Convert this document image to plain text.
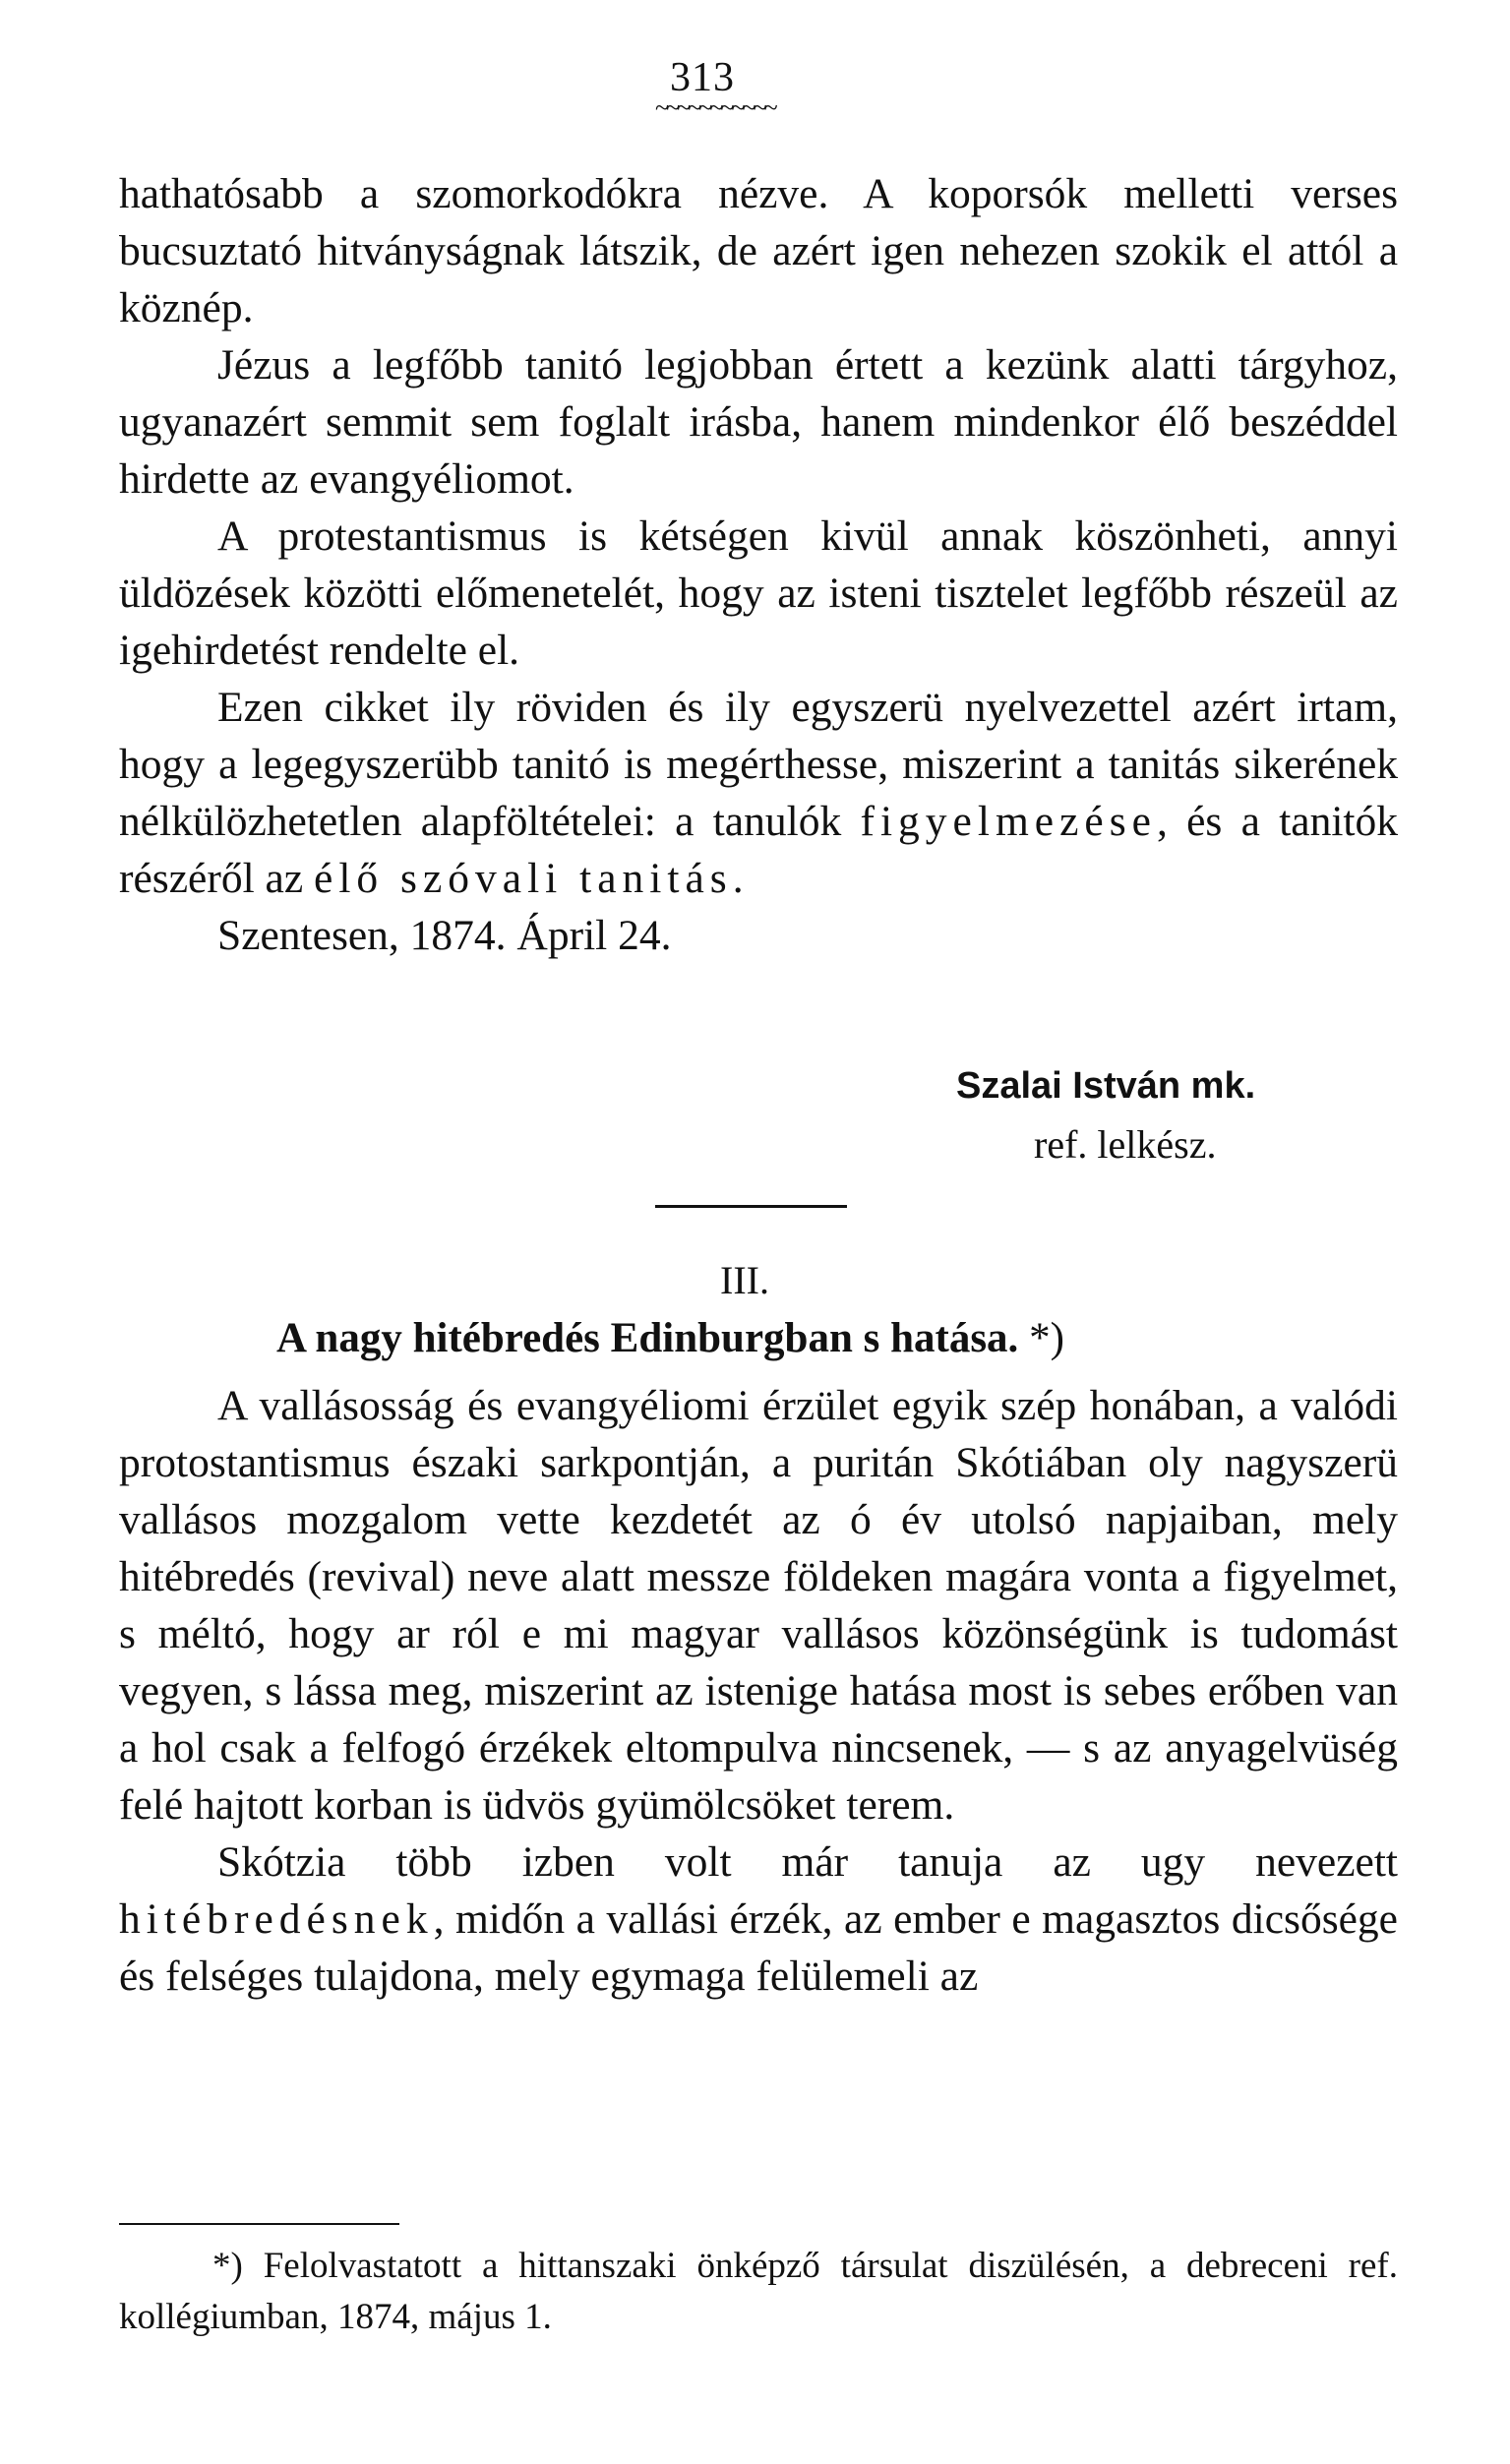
313
~~~~~~~~~~~

hathatósabb a szomorkodókra nézve. A koporsók melletti verses bucsuztató hitványságnak látszik, de azért igen nehezen szokik el attól a köznép.

Jézus a legfőbb tanitó legjobban értett a kezünk alatti tárgyhoz, ugyanazért semmit sem foglalt irásba, hanem mindenkor élő beszéddel hirdette az evangyéliomot.

A protestantismus is kétségen kivül annak köszönheti, annyi üldözések közötti előmenetelét, hogy az isteni tisztelet legfőbb részeül az igehirdetést rendelte el.

Ezen cikket ily röviden és ily egyszerü nyelvezettel azért irtam, hogy a legegyszerübb tanitó is megérthesse, miszerint a tanitás sikerének nélkülözhetetlen alapföltételei: a tanulók figyelmezése, és a tanitók részéről az élő szóvali tanitás.

Szentesen, 1874. Ápril 24.

Szalai István mk.
ref. lelkész.
III.
A nagy hitébredés Edinburgban s hatása. *)

A vallásosság és evangyéliomi érzület egyik szép honában, a valódi protostantismus északi sarkpontján, a puritán Skótiában oly nagyszerü vallásos mozgalom vette kezdetét az ó év utolsó napjaiban, mely hitébredés (revival) neve alatt messze földeken magára vonta a figyelmet, s méltó, hogy ar ról e mi magyar vallásos közönségünk is tudomást vegyen, s lássa meg, miszerint az istenige hatása most is sebes erőben van a hol csak a felfogó érzékek eltompulva nincsenek, — s az anyagelvüség felé hajtott korban is üdvös gyümölcsöket terem.

Skótzia több izben volt már tanuja az ugy nevezett hitébredésnek, midőn a vallási érzék, az ember e magasztos dicsősége és felséges tulajdona, mely egymaga felülemeli az

*) Felolvastatott a hittanszaki önképző társulat diszülésén, a debreceni ref. kollégiumban, 1874, május 1.
